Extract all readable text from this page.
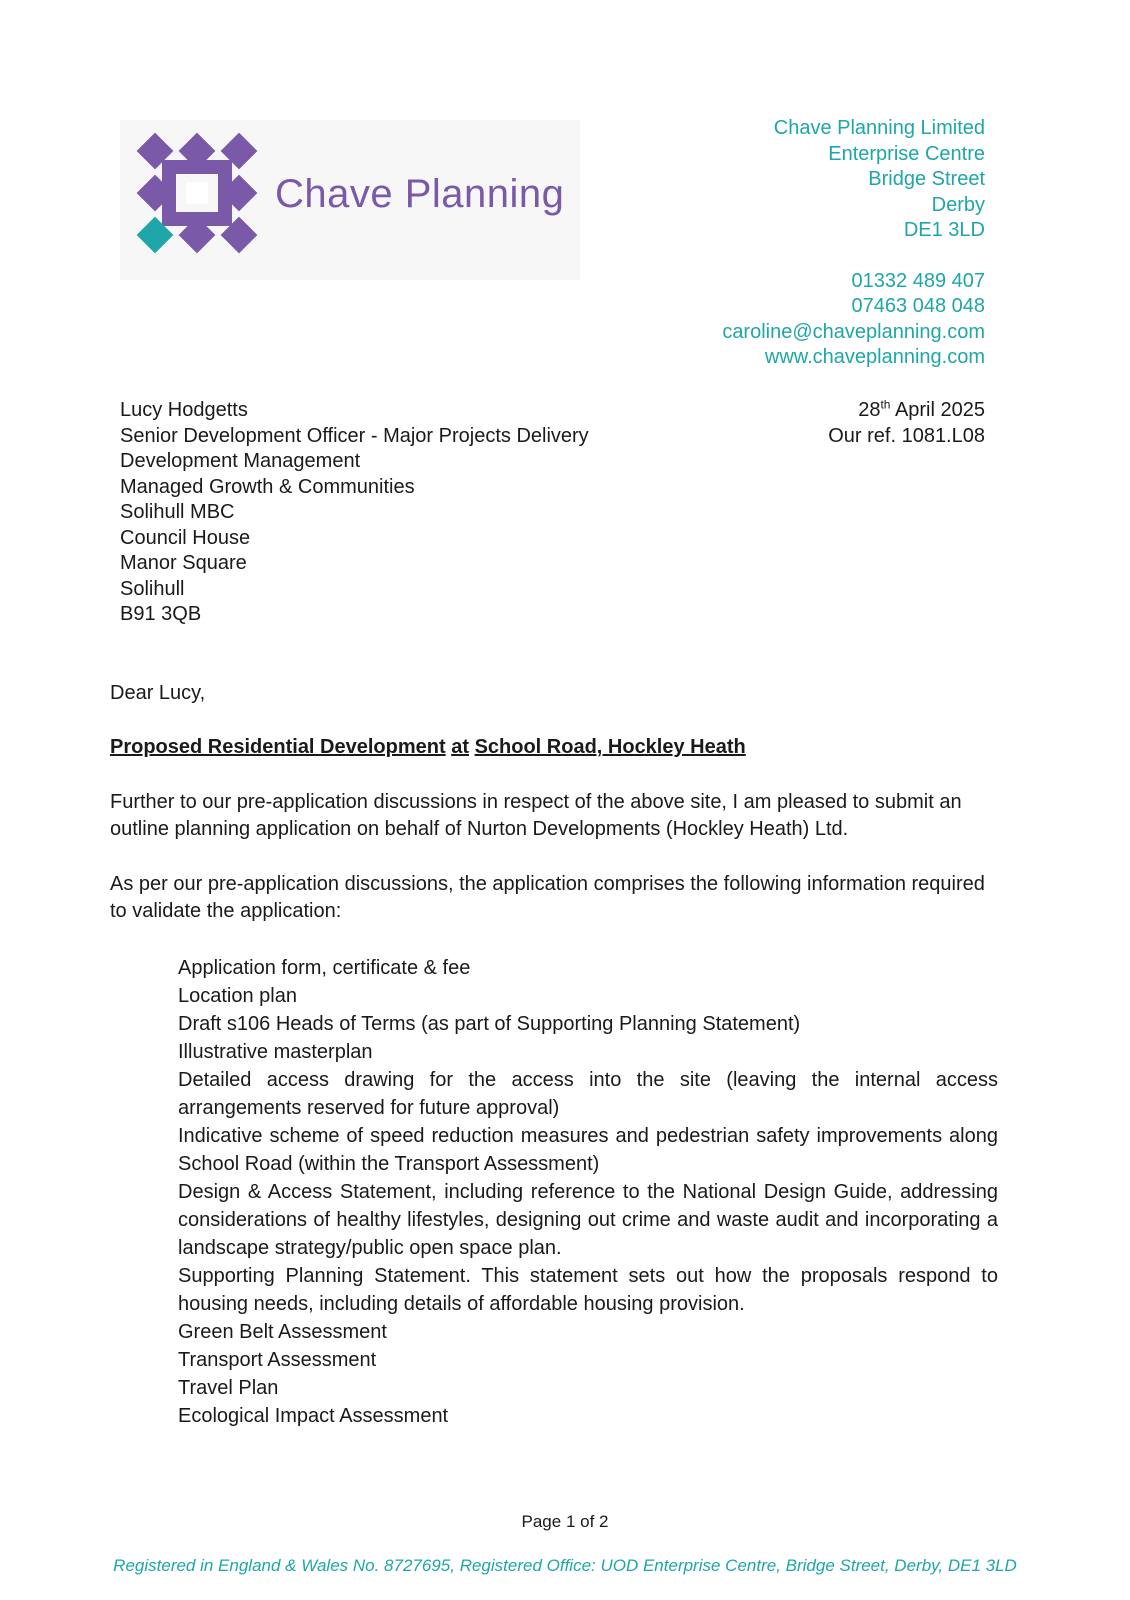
Chave Planning
Chave Planning Limited
Enterprise Centre
Bridge Street
Derby
DE1 3LD
01332 489 407
07463 048 048
caroline@chaveplanning.com
www.chaveplanning.com
28th April 2025
Our ref. 1081.L08
Lucy Hodgetts
Senior Development Officer - Major Projects Delivery
Development Management
Managed Growth & Communities
Solihull MBC
Council House
Manor Square
Solihull
B91 3QB
Dear Lucy,
Proposed Residential Development at School Road, Hockley Heath
Further to our pre-application discussions in respect of the above site, I am pleased to submit an outline planning application on behalf of Nurton Developments (Hockley Heath) Ltd.
As per our pre-application discussions, the application comprises the following information required to validate the application:
Application form, certificate & fee
Location plan
Draft s106 Heads of Terms (as part of Supporting Planning Statement)
Illustrative masterplan
Detailed access drawing for the access into the site (leaving the internal access arrangements reserved for future approval)
Indicative scheme of speed reduction measures and pedestrian safety improvements along School Road (within the Transport Assessment)
Design & Access Statement, including reference to the National Design Guide, addressing considerations of healthy lifestyles, designing out crime and waste audit and incorporating a landscape strategy/public open space plan.
Supporting Planning Statement. This statement sets out how the proposals respond to housing needs, including details of affordable housing provision.
Green Belt Assessment
Transport Assessment
Travel Plan
Ecological Impact Assessment
Page 1 of 2
Registered in England & Wales No. 8727695, Registered Office: UOD Enterprise Centre, Bridge Street, Derby, DE1 3LD
